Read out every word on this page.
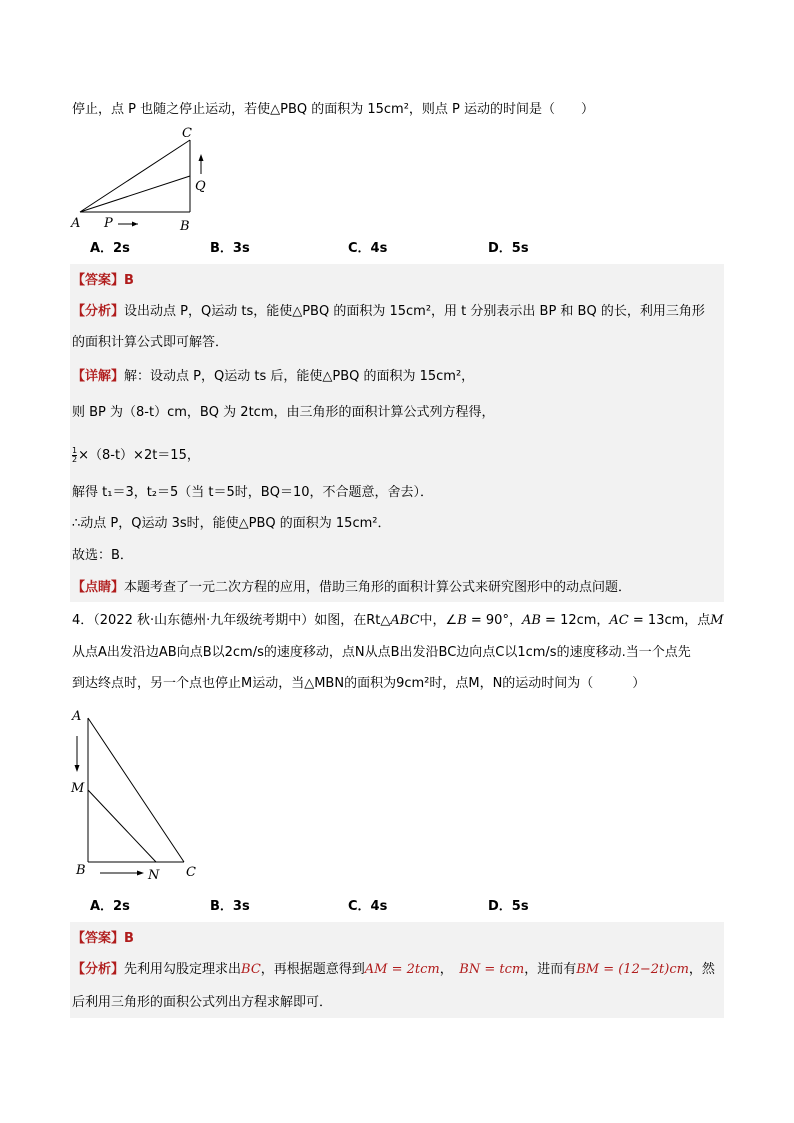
停止，点 P 也随之停止运动，若使△PBQ 的面积为 15cm²，则点 P 运动的时间是（　　）
C
Q
A P	B
A．2s	B．3s	C．4s	D．5s
【答案】B
【分析】设出动点 P，Q运动 ts，能使△PBQ 的面积为 15cm²，用 t 分别表示出 BP 和 BQ 的长，利用三角形
的面积计算公式即可解答．
【详解】解：设动点 P，Q运动 ts 后，能使△PBQ 的面积为 15cm²，
则 BP 为（8-t）cm，BQ 为 2tcm，由三角形的面积计算公式列方程得，
$\frac{1}{2} \times(8-t)\times 2t=15$，
解得 t₁＝3，t₂＝5（当 t＝5时，BQ＝10，不合题意，舍去）．
∴动点 P，Q运动 3s时，能使△PBQ 的面积为 15cm²．
故选：B．
【点睛】本题考查了一元二次方程的应用，借助三角形的面积计算公式来研究图形中的动点问题．
4．（2022 秋·山东德州·九年级统考期中）如图，在Rt△ABC中，∠B = 90°，AB = 12cm，AC = 13cm，点M
从点A出发沿边AB向点B以2cm/s的速度移动，点N从点B出发沿BC边向点C以1cm/s的速度移动.当一个点先
到达终点时，另一个点也停止M运动，当△MBN的面积为9cm²时，点M，N的运动时间为（　　　）
A
M
B	N C
A．2s	B．3s	C．4s	D．5s
【答案】B
【分析】先利用勾股定理求出BC，再根据题意得到AM = 2tcm，　BN = tcm，进而有BM = (12−2t)cm，然
后利用三角形的面积公式列出方程求解即可．
